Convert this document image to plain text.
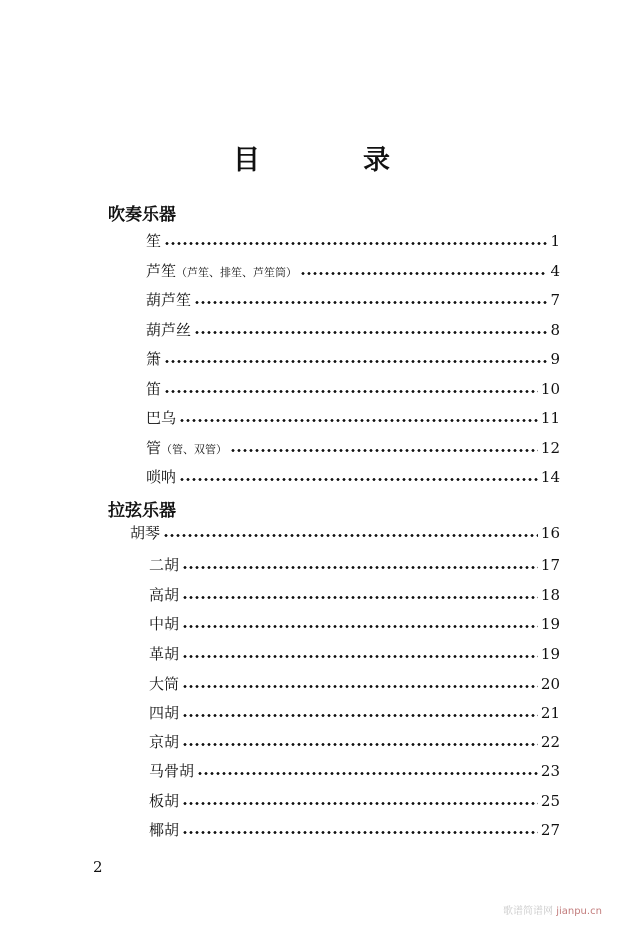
目　录
吹奏乐器
笙	1
芦笙 （芦笙、排笙、芦笙筒）	4
葫芦笙	7
葫芦丝	8
箫	9
笛	10
巴乌	11
管 （管、双管）	12
唢呐	14
拉弦乐器
胡琴	16
二胡	17
高胡	18
中胡	19
革胡	19
大筒	20
四胡	21
京胡	22
马骨胡	23
板胡	25
椰胡	27
2
歌谱简谱网 jianpu.cn
